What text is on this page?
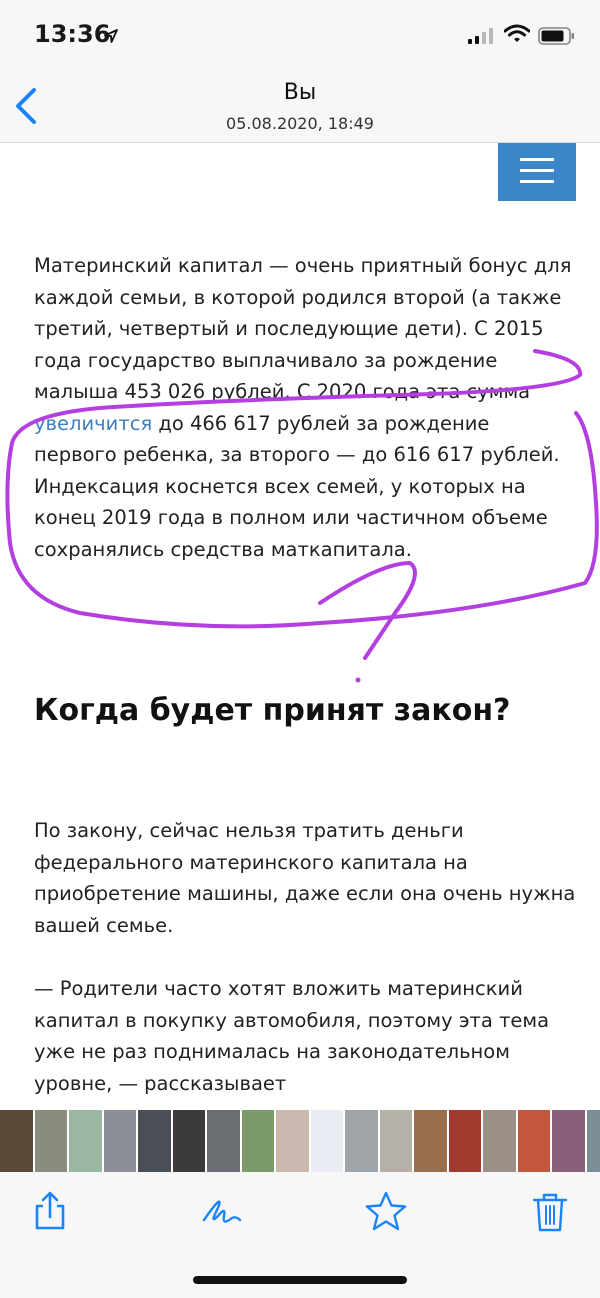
13:36
Вы
05.08.2020, 18:49

Материнский капитал — очень приятный бонус для каждой семьи, в которой родился второй (а также третий, четвертый и последующие дети). С 2015 года государство выплачивало за рождение малыша 453 026 рублей. С 2020 года эта сумма увеличится до 466 617 рублей за рождение первого ребенка, за второго — до 616 617 рублей. Индексация коснется всех семей, у которых на конец 2019 года в полном или частичном объеме сохранялись средства маткапитала.

Когда будет принят закон?

По закону, сейчас нельзя тратить деньги федерального материнского капитала на приобретение машины, даже если она очень нужна вашей семье.

— Родители часто хотят вложить материнский капитал в покупку автомобиля, поэтому эта тема уже не раз поднималась на законодательном уровне, — рассказывает
